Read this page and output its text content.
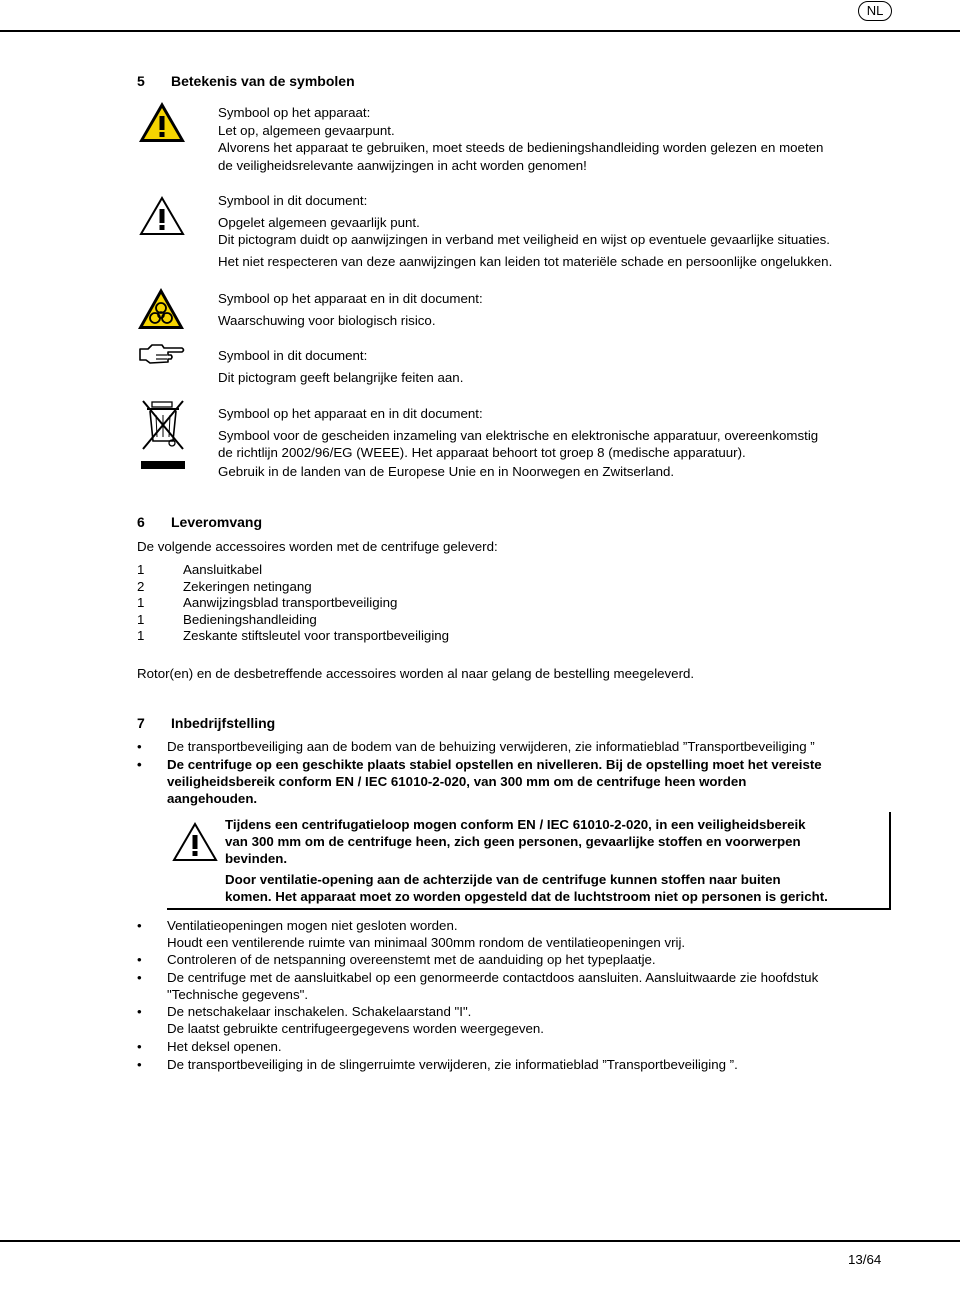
NL
5 Betekenis van de symbolen
Symbool op het apparaat:
Let op, algemeen gevaarpunt.
Alvorens het apparaat te gebruiken, moet steeds de bedieningshandleiding worden gelezen en moeten
de veiligheidsrelevante aanwijzingen in acht worden genomen!
Symbool in dit document:
Opgelet algemeen gevaarlijk punt.
Dit pictogram duidt op aanwijzingen in verband met veiligheid en wijst op eventuele gevaarlijke situaties.
Het niet respecteren van deze aanwijzingen kan leiden tot materiële schade en persoonlijke ongelukken.
Symbool op het apparaat en in dit document:
Waarschuwing voor biologisch risico.
Symbool in dit document:
Dit pictogram geeft belangrijke feiten aan.
Symbool op het apparaat en in dit document:
Symbool voor de gescheiden inzameling van elektrische en elektronische apparatuur, overeenkomstig
de richtlijn 2002/96/EG (WEEE). Het apparaat behoort tot groep 8 (medische apparatuur).
Gebruik in de landen van de Europese Unie en in Noorwegen en Zwitserland.
6 Leveromvang
De volgende accessoires worden met de centrifuge geleverd:
1	Aansluitkabel
2	Zekeringen netingang
1	Aanwijzingsblad transportbeveiliging
1	Bedieningshandleiding
1	Zeskante stiftsleutel voor transportbeveiliging
Rotor(en) en de desbetreffende accessoires worden al naar gelang de bestelling meegeleverd.
7 Inbedrijfstelling
•	De transportbeveiliging aan de bodem van de behuizing verwijderen, zie informatieblad ”Transportbeveiliging ”
•	De centrifuge op een geschikte plaats stabiel opstellen en nivelleren. Bij de opstelling moet het vereiste
veiligheidsbereik conform EN / IEC 61010-2-020, van 300 mm om de centrifuge heen worden
aangehouden.
Tijdens een centrifugatieloop mogen conform EN / IEC 61010-2-020, in een veiligheidsbereik
van 300 mm om de centrifuge heen, zich geen personen, gevaarlijke stoffen en voorwerpen
bevinden.
Door ventilatie-opening aan de achterzijde van de centrifuge kunnen stoffen naar buiten
komen. Het apparaat moet zo worden opgesteld dat de luchtstroom niet op personen is gericht.
•	Ventilatieopeningen mogen niet gesloten worden.
Houdt een ventilerende ruimte van minimaal 300mm rondom de ventilatieopeningen vrij.
•	Controleren of de netspanning overeenstemt met de aanduiding op het typeplaatje.
•	De centrifuge met de aansluitkabel op een genormeerde contactdoos aansluiten. Aansluitwaarde zie hoofdstuk
"Technische gegevens".
•	De netschakelaar inschakelen. Schakelaarstand "I".
De laatst gebruikte centrifugeergegevens worden weergegeven.
•	Het deksel openen.
•	De transportbeveiliging in de slingerruimte verwijderen, zie informatieblad ”Transportbeveiliging ”.
13/64
